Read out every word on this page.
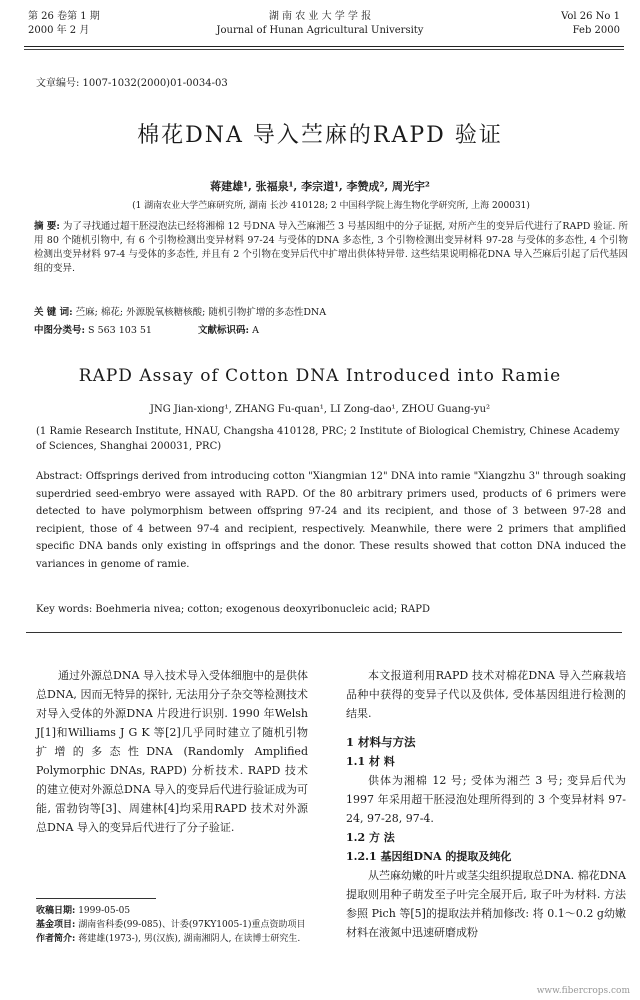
第 26 卷第 1 期
2000 年 2 月
湖 南 农 业 大 学 学 报
Journal of Hunan Agricultural University
Vol 26 No 1
Feb 2000
文章编号: 1007-1032(2000)01-0034-03
棉花DNA 导入苎麻的RAPD 验证
蒋建雄¹, 张福泉¹, 李宗道¹, 李赞成², 周光宇²
(1 湖南农业大学苎麻研究所, 湖南 长沙 410128; 2 中国科学院上海生物化学研究所, 上海 200031)
摘 要: 为了寻找通过超干胚浸泡法已经将湘棉 12 号DNA 导入苎麻湘苎 3 号基因组中的分子证据, 对所产生的变异后代进行了RAPD 验证. 所用 80 个随机引物中, 有 6 个引物检测出变异材料 97-24 与受体的DNA 多态性, 3 个引物检测出变异材料 97-28 与受体的多态性, 4 个引物检测出变异材料 97-4 与受体的多态性, 并且有 2 个引物在变异后代中扩增出供体特异带. 这些结果说明棉花DNA 导入苎麻后引起了后代基因组的变异.
关 键 词: 苎麻; 棉花; 外源脱氧核糖核酸; 随机引物扩增的多态性DNA
中图分类号: S 563 103 51	文献标识码: A
RAPD Assay of Cotton DNA Introduced into Ramie
JNG Jian-xiong¹, ZHANG Fu-quan¹, LI Zong-dao¹, ZHOU Guang-yu²
(1 Ramie Research Institute, HNAU, Changsha 410128, PRC; 2 Institute of Biological Chemistry, Chinese Academy of Sciences, Shanghai 200031, PRC)
Abstract: Offsprings derived from introducing cotton "Xiangmian 12" DNA into ramie "Xiangzhu 3" through soaking superdried seed-embryo were assayed with RAPD. Of the 80 arbitrary primers used, products of 6 primers were detected to have polymorphism between offspring 97-24 and its recipient, and those of 3 between 97-28 and recipient, those of 4 between 97-4 and recipient, respectively. Meanwhile, there were 2 primers that amplified specific DNA bands only existing in offsprings and the donor. These results showed that cotton DNA induced the variances in genome of ramie.
Key words: Boehmeria nivea; cotton; exogenous deoxyribonucleic acid; RAPD
通过外源总DNA 导入技术导入受体细胞中的是供体总DNA, 因而无特异的探针, 无法用分子杂交等检测技术对导入受体的外源DNA 片段进行识别. 1990 年Welsh J[1]和Williams J G K 等[2]几乎同时建立了随机引物扩增的多态性DNA (Randomly Amplified Polymorphic DNAs, RAPD) 分析技术. RAPD 技术的建立使对外源总DNA 导入的变异后代进行验证成为可能, 雷勃钧等[3]、周建林[4]均采用RAPD 技术对外源总DNA 导入的变异后代进行了分子验证.
本文报道利用RAPD 技术对棉花DNA 导入苎麻栽培品种中获得的变异子代以及供体, 受体基因组进行检测的结果.
1 材料与方法
1.1 材 料
供体为湘棉 12 号; 受体为湘苎 3 号; 变异后代为 1997 年采用超干胚浸泡处理所得到的 3 个变异材料 97-24, 97-28, 97-4.
1.2 方 法
1.2.1 基因组DNA 的提取及纯化
从苎麻幼嫩的叶片或茎尖组织提取总DNA. 棉花DNA 提取则用种子萌发至子叶完全展开后, 取子叶为材料. 方法参照 Pich 等[5]的提取法并稍加修改: 将 0.1～0.2 g幼嫩材料在液氮中迅速研磨成粉
收稿日期: 1999-05-05
基金项目: 湖南省科委(99-085)、计委(97KY1005-1)重点资助项目
作者简介: 蒋建雄(1973-), 男(汉族), 湖南湘阴人, 在读博士研究生.
www.fibercrops.com
